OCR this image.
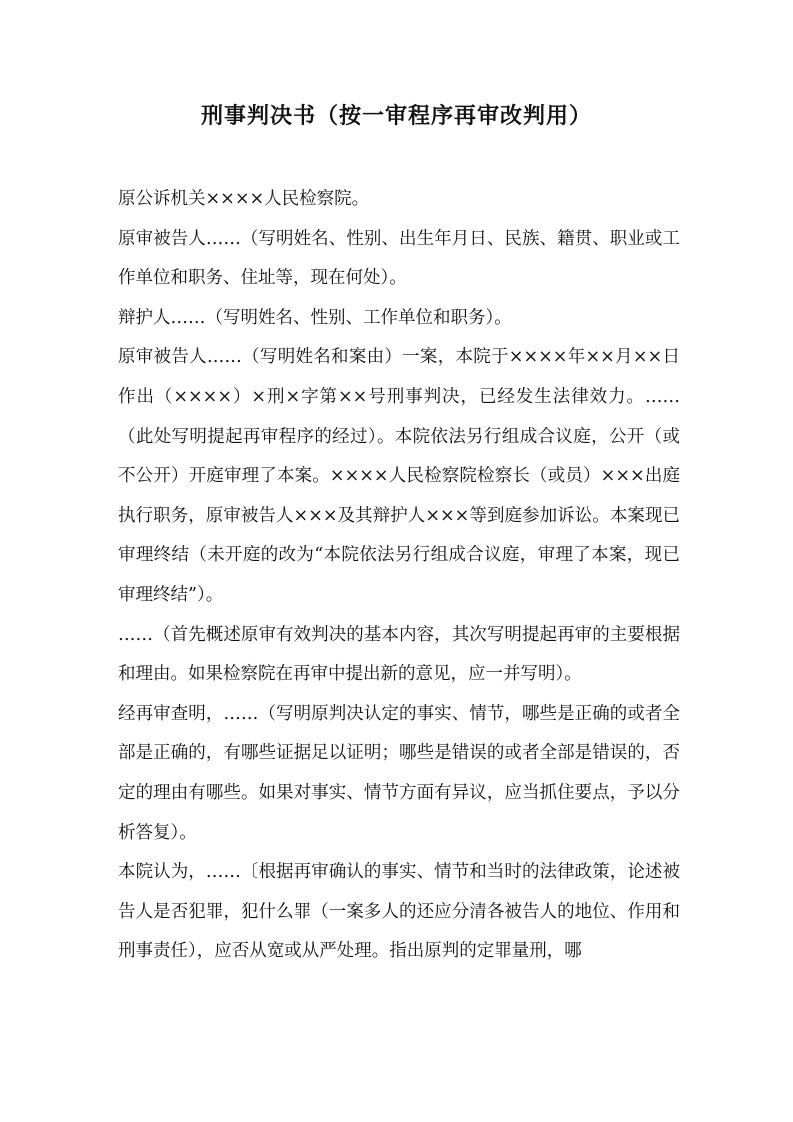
刑事判决书（按一审程序再审改判用）

原公诉机关××××人民检察院。

原审被告人……（写明姓名、性别、出生年月日、民族、籍贯、职业或工作单位和职务、住址等，现在何处）。

辩护人……（写明姓名、性别、工作单位和职务）。

原审被告人……（写明姓名和案由）一案，本院于××××年××月××日作出（××××）×刑×字第××号刑事判决，已经发生法律效力。……（此处写明提起再审程序的经过）。本院依法另行组成合议庭，公开（或不公开）开庭审理了本案。××××人民检察院检察长（或员）×××出庭执行职务，原审被告人×××及其辩护人×××等到庭参加诉讼。本案现已审理终结（未开庭的改为“本院依法另行组成合议庭，审理了本案，现已审理终结”）。

……（首先概述原审有效判决的基本内容，其次写明提起再审的主要根据和理由。如果检察院在再审中提出新的意见，应一并写明）。

经再审查明，……（写明原判决认定的事实、情节，哪些是正确的或者全部是正确的，有哪些证据足以证明；哪些是错误的或者全部是错误的，否定的理由有哪些。如果对事实、情节方面有异议，应当抓住要点，予以分析答复）。

本院认为，……〔根据再审确认的事实、情节和当时的法律政策，论述被告人是否犯罪，犯什么罪（一案多人的还应分清各被告人的地位、作用和刑事责任），应否从宽或从严处理。指出原判的定罪量刑，哪
